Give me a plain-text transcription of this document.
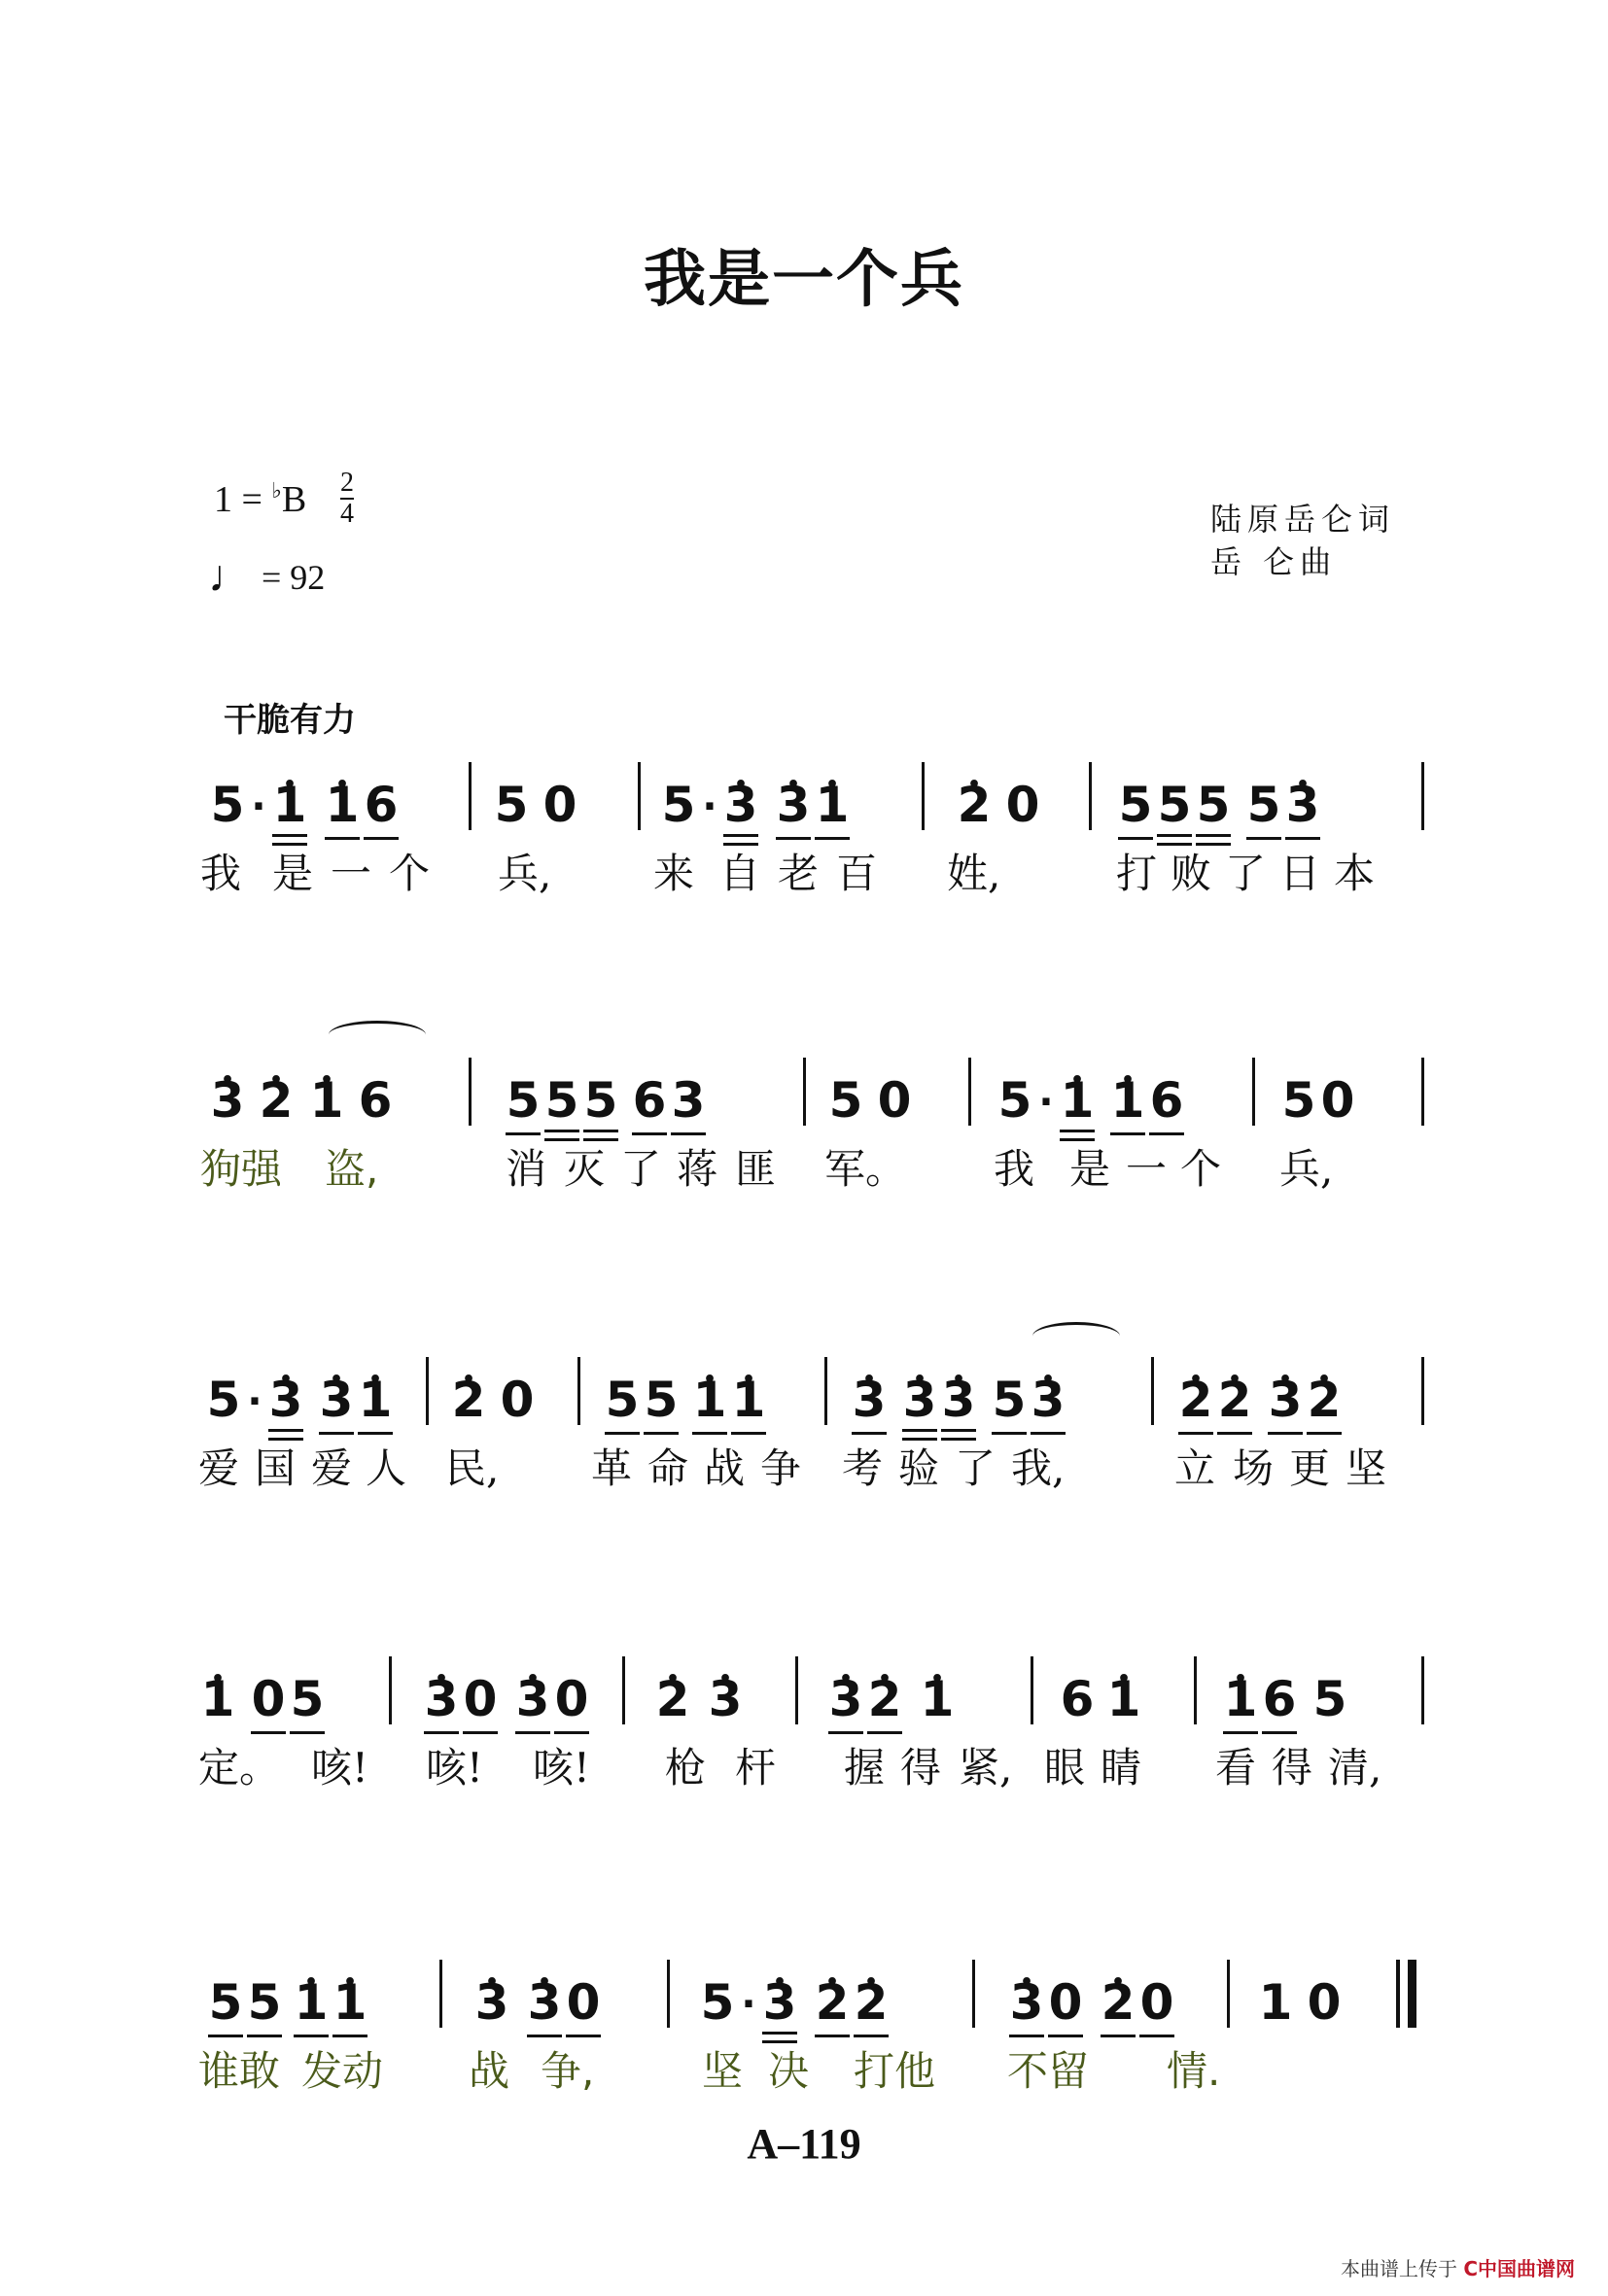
我是一个兵
1 = ♭B 2
4
♩ = 92
陆原岳仑词
岳 仑曲
干脆有力
5 · • 1 • 1 6 5 0 5 · • 3 • 3 • 1 • 2 0 5 5 5 5 • 3
我 是 一 个 兵, 来 自 老 百 姓,	打 败 了 日 本
• 3 • 2 • 1 6 5 5 5 6 3	5 0 5 · • 1 • 1 6 5 0
狗强 盗,	消 灭 了 蒋 匪 军。 我 是 一 个 兵,
5 · • 3 • 3 • 1 • 2 0 5 5 • 1 • 1 • 3 • 3 • 3 5 • 3 • 2 • 2 • 3 • 2
爱 国 爱 人 民, 革 命 战 争 考 验 了 我,	立 场 更 坚
• 1 0 5 • 3 0 • 3 0 • 2 • 3 • 3 • 2 • 1 6 • 1 • 1 6 5
定。 咳! 咳! 咳! 枪 杆 握 得 紧, 眼 睛 看 得 清,
5 5 • 1 • 1 • 3 • 3 0 5 · • 3 • 2 • 2	• 3 0 • 2 0 1 0
谁敢 发动 战 争,	坚 决 打他 不留 情.
A–119
本曲谱上传于 C中国曲谱网
